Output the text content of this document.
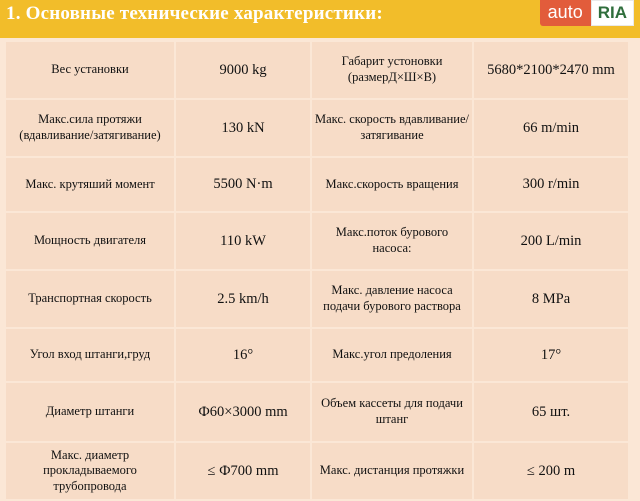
1. Основные технические характеристики:	auto RIA
Вес установки	9000 kg	Габарит устоновки (размерД×Ш×В)	5680*2100*2470 mm
Макс.сила протяжи (вдавливание/затягивание)	130 kN	Макс. скорость вдавливание/затягивание	66 m/min
Макс. крутяший момент	5500 N·m	Макс.скорость вращения	300 r/min
Мощность двигателя	110 kW	Макс.поток бурового насоса:	200 L/min
Транспортная скорость	2.5 km/h	Макс. давление насоса подачи бурового раствора	8 MPa
Угол вход штанги,груд	16°	Макс.угол предоления	17°
Диаметр штанги	Ф60×3000 mm	Объем кассеты для подачи штанг	65 шт.
Макс. диаметр прокладываемого трубопровода	≤ Ф700 mm	Макс. дистанция протяжки	≤ 200 m
